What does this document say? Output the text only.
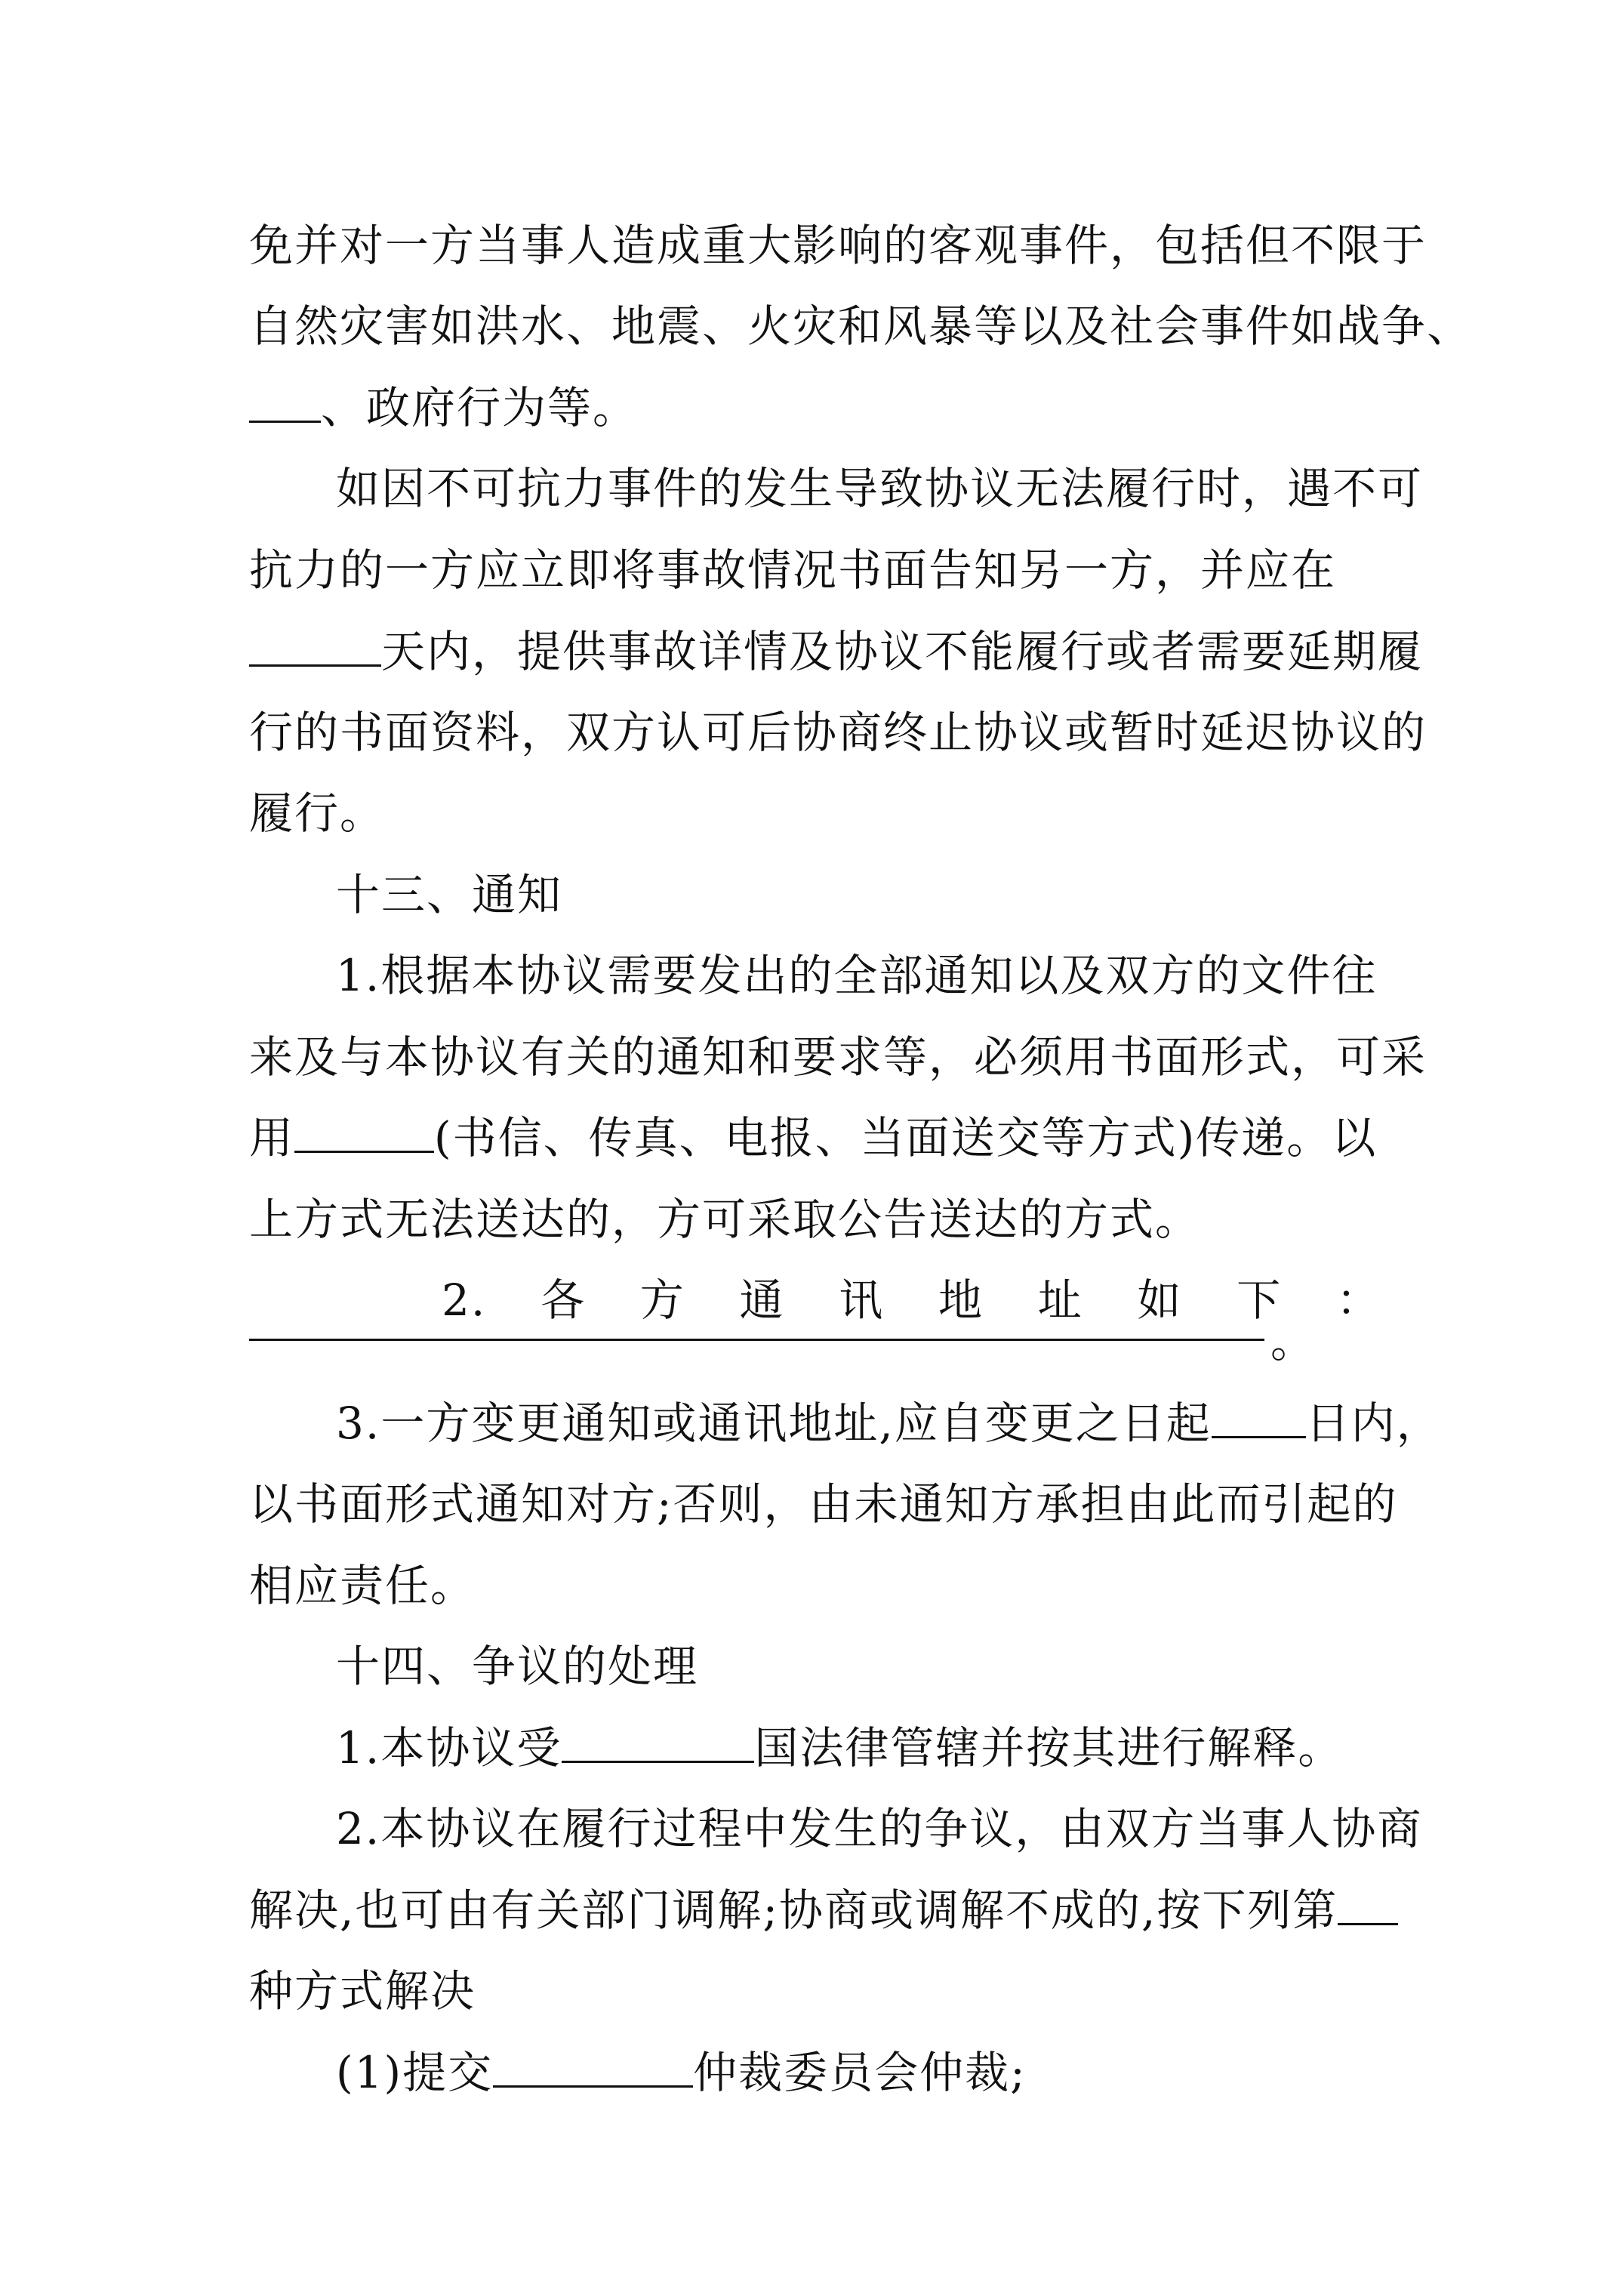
免并对一方当事人造成重大影响的客观事件，包括但不限于
自然灾害如洪水、地震、火灾和风暴等以及社会事件如战争、
、政府行为等。
如因不可抗力事件的发生导致协议无法履行时，遇不可
抗力的一方应立即将事故情况书面告知另一方，并应在
天内，提供事故详情及协议不能履行或者需要延期履
行的书面资料，双方认可后协商终止协议或暂时延迟协议的
履行。
十三、通知
1.根据本协议需要发出的全部通知以及双方的文件往
来及与本协议有关的通知和要求等，必须用书面形式，可采
用	(书信、传真、电报、当面送交等方式)传递。以
上方式无法送达的，方可采取公告送达的方式。
2. 各 方 通 讯 地 址 如 下 ：
。
3.一方变更通知或通讯地址,应自变更之日起 日内，
以书面形式通知对方;否则，由未通知方承担由此而引起的
相应责任。
十四、争议的处理
1.本协议受	国法律管辖并按其进行解释。
2.本协议在履行过程中发生的争议，由双方当事人协商
解决,也可由有关部门调解;协商或调解不成的,按下列第
种方式解决
(1)提交	仲裁委员会仲裁;
